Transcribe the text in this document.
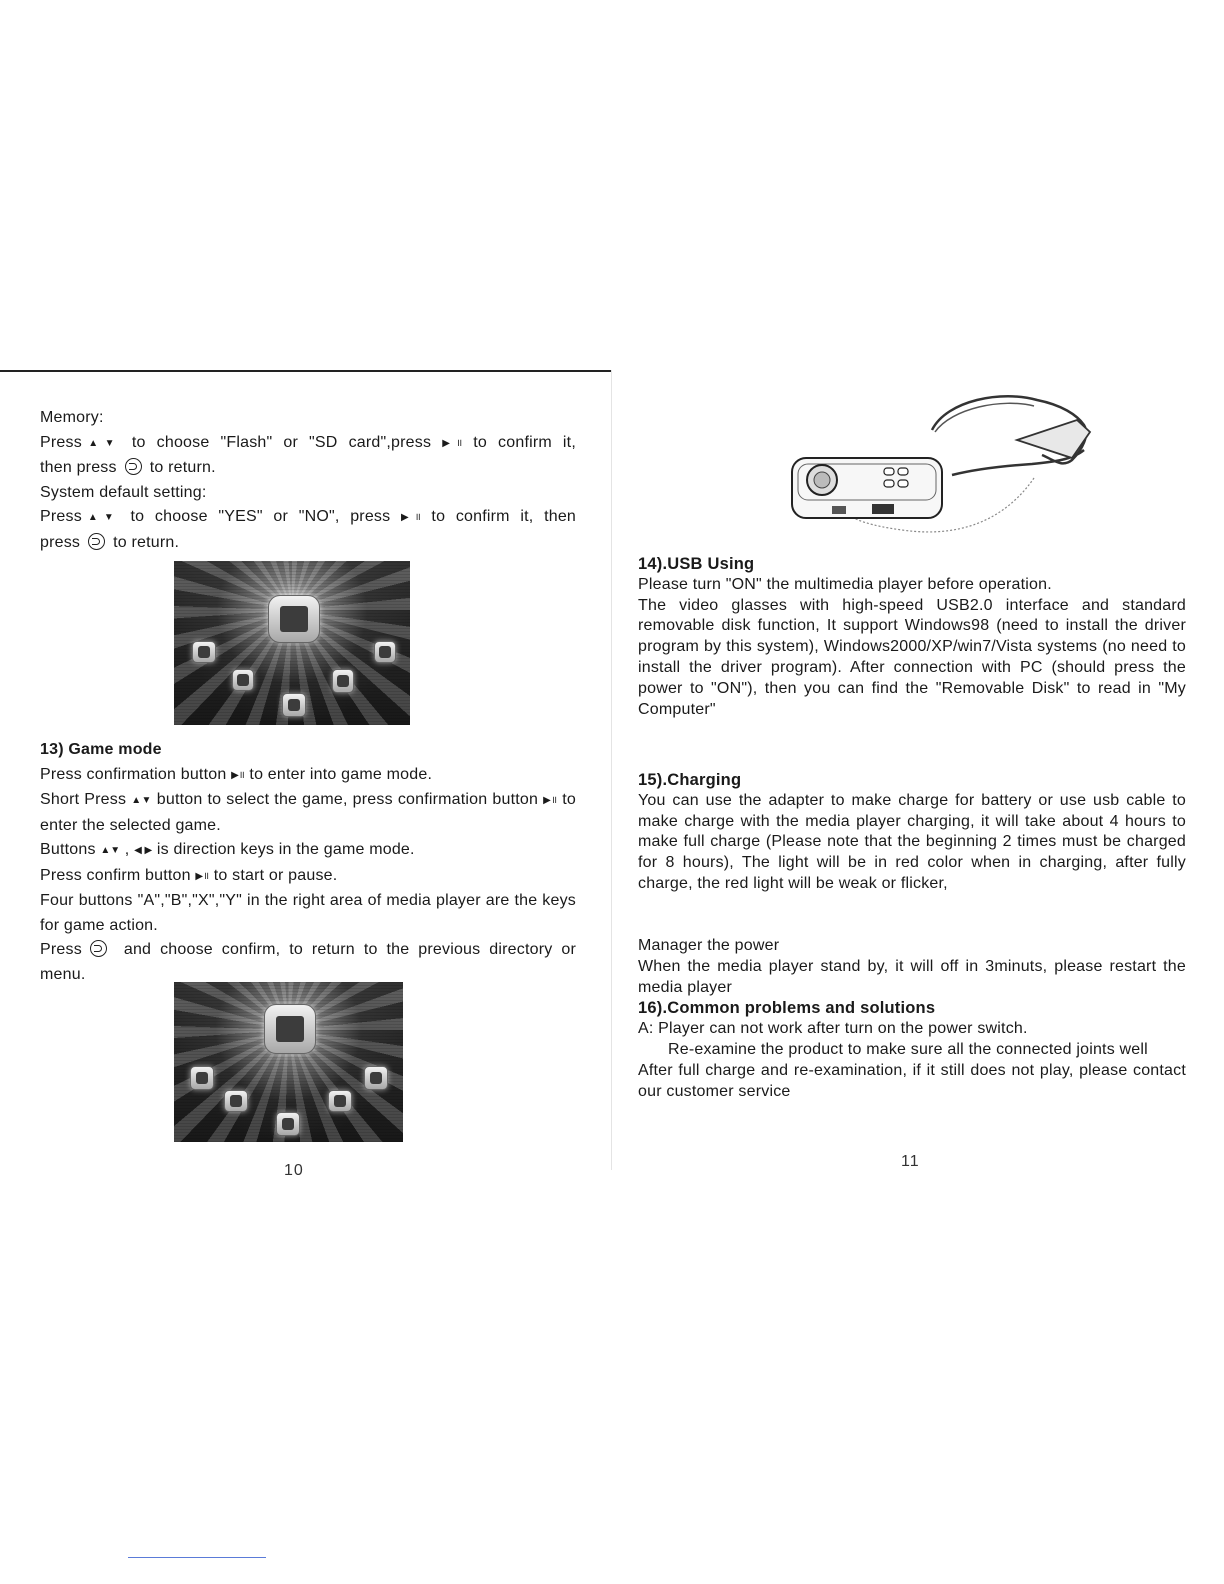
Memory:

Press▲▼ to choose "Flash" or "SD card",press ▶॥ to confirm it,

then press to return.

System default setting:

Press▲▼ to choose "YES" or "NO", press ▶॥ to confirm it, then

press to return.

13) Game mode

Press confirmation button ▶॥ to enter into game mode.

Short Press ▲▼ button to select the game, press confirmation button ▶॥ to enter the selected game.

Buttons ▲▼ , ◀ ▶ is direction keys in the game mode.

Press confirm button ▶॥ to start or pause.

Four buttons "A","B","X","Y" in the right area of media player are the keys for game action.

Press	and choose confirm, to return to the previous directory or menu.

10

14).USB Using

Please turn "ON" the multimedia player before operation.

The video glasses with high-speed USB2.0 interface and standard removable disk function, It support Windows98 (need to install the driver program by this system), Windows2000/XP/win7/Vista systems (no need to install the driver program). After connection with PC (should press the power to "ON"), then you can find the "Removable Disk" to read in "My Computer"

15).Charging

You can use the adapter to make charge for battery or use usb cable to make charge with the media player charging, it will take about 4 hours to make full charge (Please note that the beginning 2 times must be charged for 8 hours), The light will be in red color when in charging, after fully charge, the red light will be weak or flicker,

Manager the power

When the media player stand by, it will off in 3minuts, please restart the media player

16).Common problems and solutions

A: Player can not work after turn on the power switch.

Re-examine the product to make sure all the connected joints well

After full charge and re-examination, if it still does not play, please contact our customer service

11
